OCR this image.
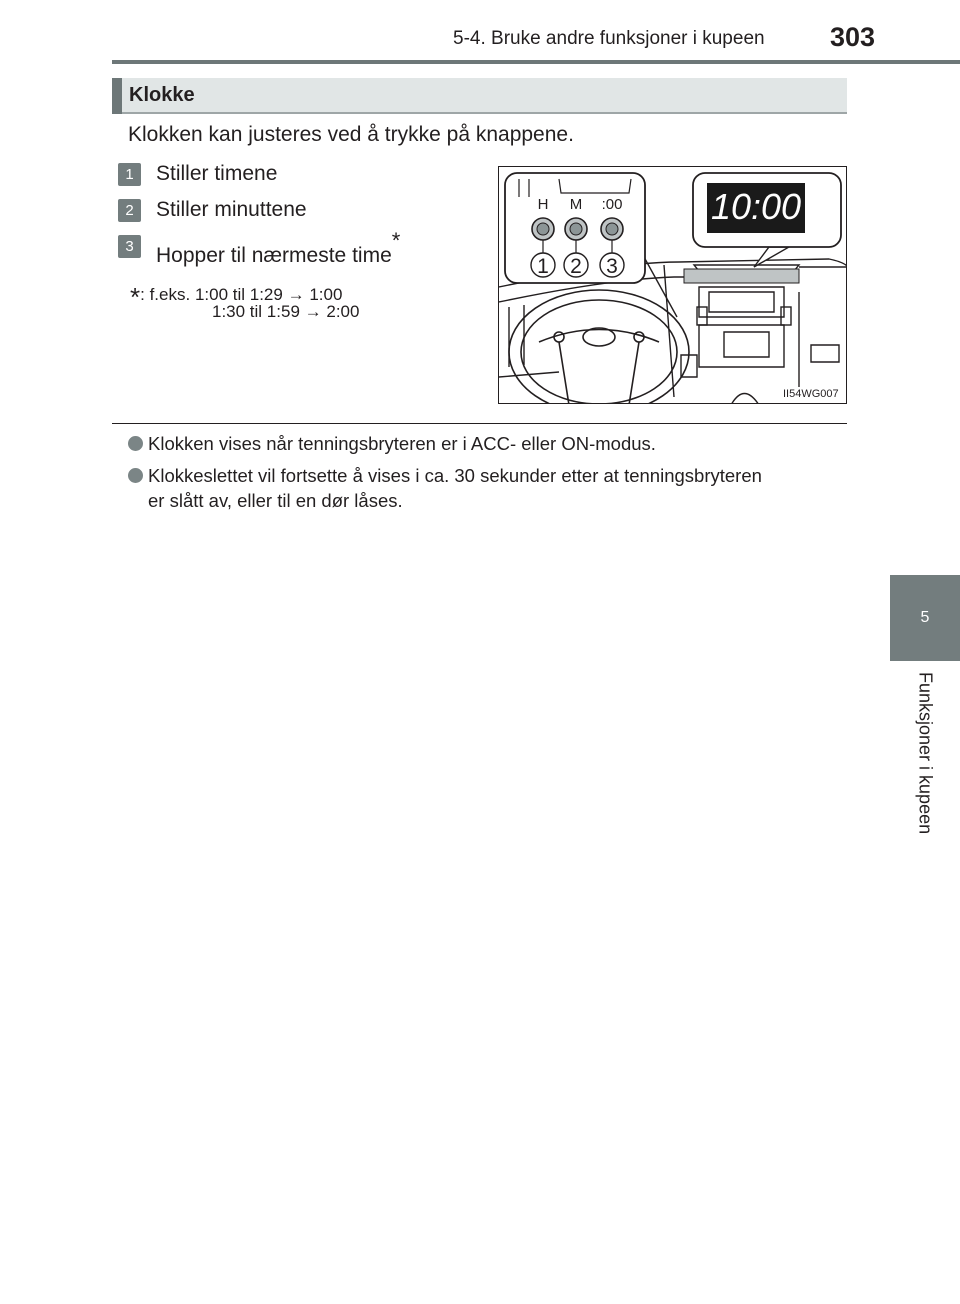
5-4. Bruke andre funksjoner i kupeen 303
5
Funksjoner i kupeen
Klokke
Klokken kan justeres ved å trykke på knappene.
1	Stiller timene
2	Stiller minuttene
3	Hopper til nærmeste time*
*: f.eks. 1:00 til 1:29 → 1:00
1:30 til 1:59 → 2:00
10:00
H M :00
1 2 3
II54WG007
Klokken vises når tenningsbryteren er i ACC- eller ON-modus.
Klokkeslettet vil fortsette å vises i ca. 30 sekunder etter at tenningsbryteren
er slått av, eller til en dør låses.
